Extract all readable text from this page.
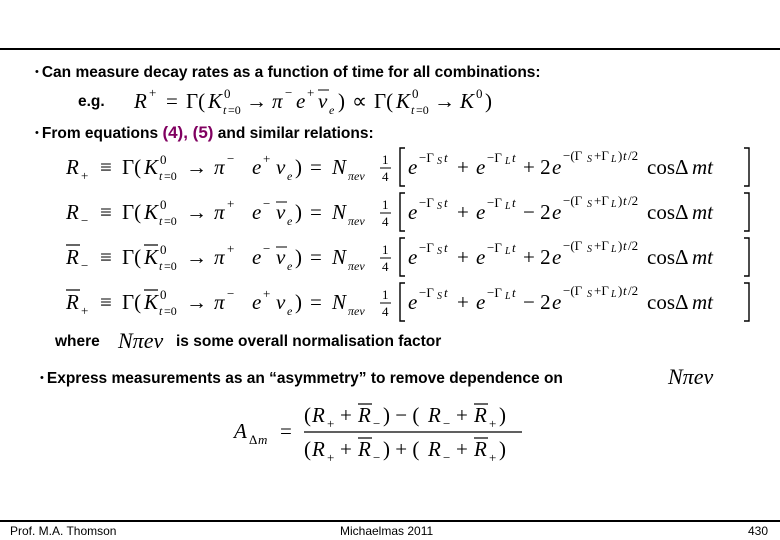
• Can measure decay rates as a function of time for all combinations:
e.g. R + = Γ( K 0
t =0 → π − e + ν e ) ∝ Γ( K 0
t =0 → K 0 )
• From equations (4), (5) and similar relations:
R + ≡ Γ( K 0
t =0 → π − e + ν e ) = N πeν
1
4 e −Γ S t + e −Γ L t + 2 e −(Γ S +Γ L ) t /2 cosΔ mt
R − ≡ Γ( K 0
t =0 → π + e − ν e ) = N πeν
1
4 e −Γ S t + e −Γ L t − 2 e −(Γ S +Γ L ) t /2 cosΔ mt
R − ≡ Γ( K 0
t =0 → π + e − ν e ) = N πeν
1
4 e −Γ S t + e −Γ L t + 2 e −(Γ S +Γ L ) t /2 cosΔ mt
R + ≡ Γ( K 0
t =0 → π − e + ν e ) = N πeν
1
4 e −Γ S t + e −Γ L t − 2 e −(Γ S +Γ L ) t /2 cosΔ mt
where Nπeν is some overall normalisation factor
• Express measurements as an “asymmetry” to remove dependence on	Nπeν
A Δ m =
( R + + R − ) − ( R − + R + )
( R + + R − ) + ( R − + R + )
Prof. M.A. Thomson	Michaelmas 2011	430
